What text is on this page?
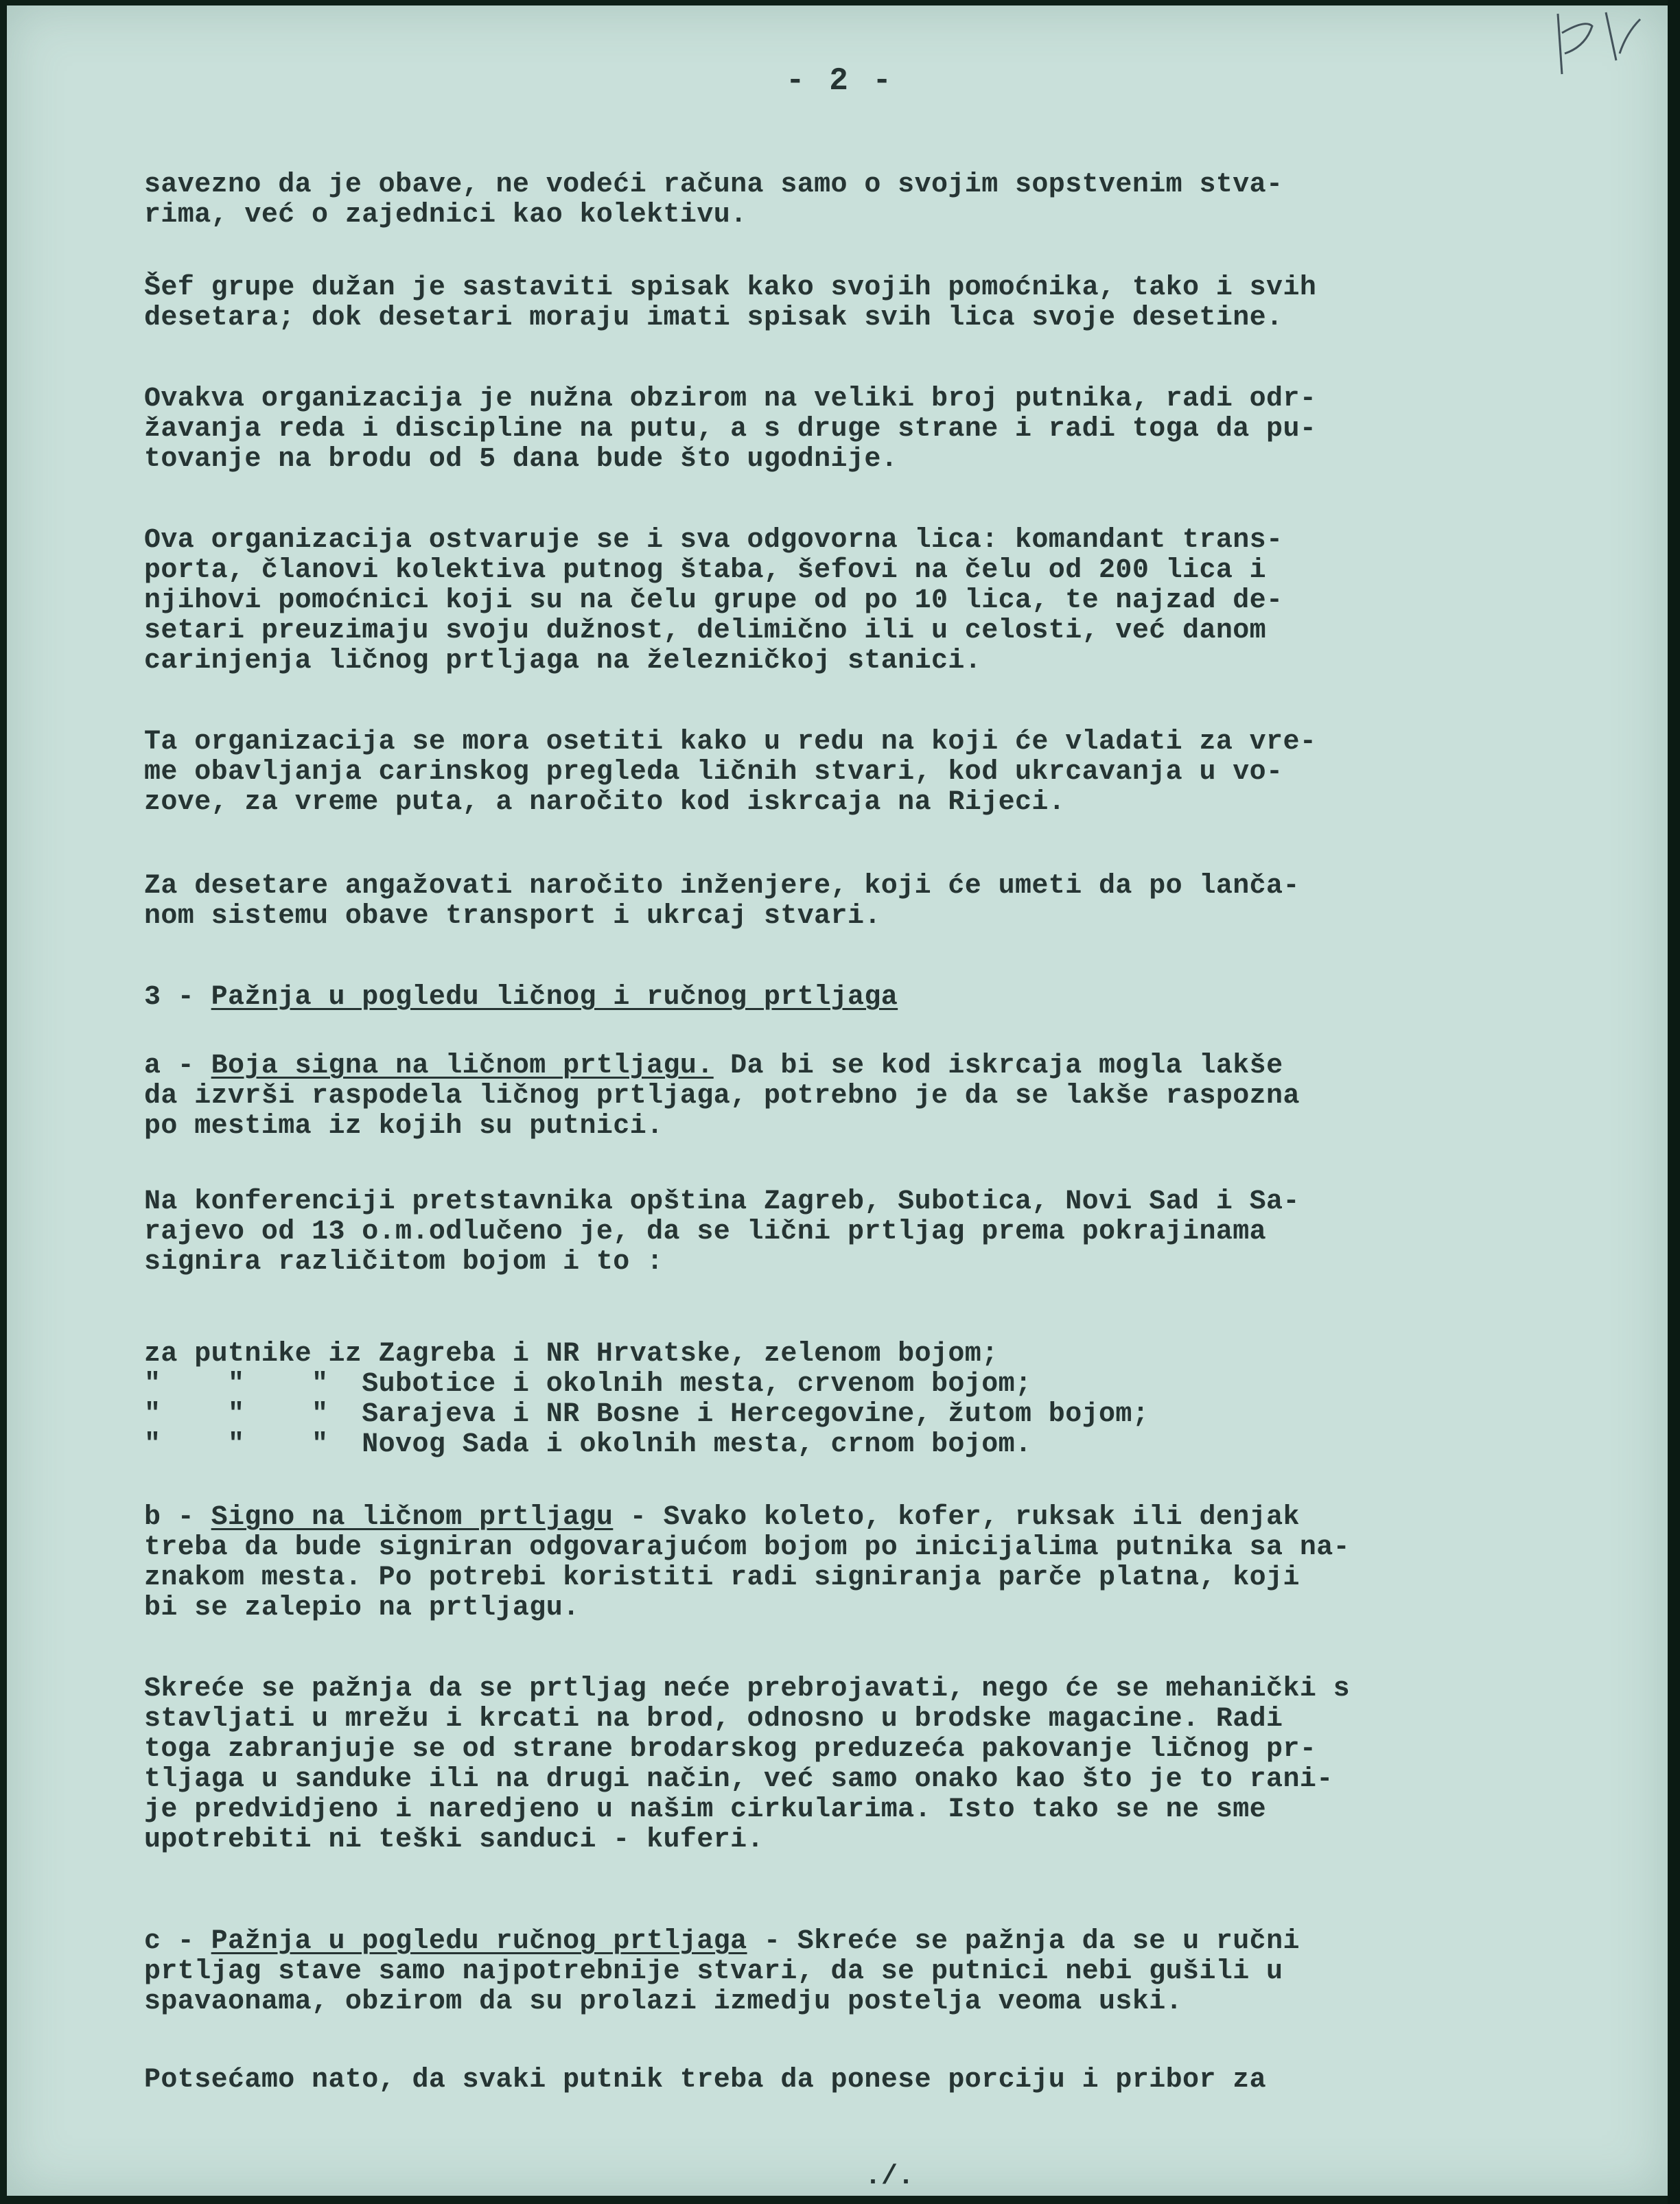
- 2 -
savezno da je obave, ne vodeći računa samo o svojim sopstvenim stva-
rima, već o zajednici kao kolektivu.
Šef grupe dužan je sastaviti spisak kako svojih pomoćnika, tako i svih
desetara; dok desetari moraju imati spisak svih lica svoje desetine.
Ovakva organizacija je nužna obzirom na veliki broj putnika, radi odr-
žavanja reda i discipline na putu, a s druge strane i radi toga da pu-
tovanje na brodu od 5 dana bude što ugodnije.
Ova organizacija ostvaruje se i sva odgovorna lica: komandant trans-
porta, članovi kolektiva putnog štaba, šefovi na čelu od 200 lica i
njihovi pomoćnici koji su na čelu grupe od po 10 lica, te najzad de-
setari preuzimaju svoju dužnost, delimično ili u celosti, već danom
carinjenja ličnog prtljaga na železničkoj stanici.
Ta organizacija se mora osetiti kako u redu na koji će vladati za vre-
me obavljanja carinskog pregleda ličnih stvari, kod ukrcavanja u vo-
zove, za vreme puta, a naročito kod iskrcaja na Rijeci.
Za desetare angažovati naročito inženjere, koji će umeti da po lanča-
nom sistemu obave transport i ukrcaj stvari.
3 - Pažnja u pogledu ličnog i ručnog prtljaga
a - Boja signa na ličnom prtljagu. Da bi se kod iskrcaja mogla lakše
da izvrši raspodela ličnog prtljaga, potrebno je da se lakše raspozna
po mestima iz kojih su putnici.
Na konferenciji pretstavnika opština Zagreb, Subotica, Novi Sad i Sa-
rajevo od 13 o.m.odlučeno je, da se lični prtljag prema pokrajinama
signira različitom bojom i to :
za putnike iz Zagreba i NR Hrvatske, zelenom bojom;
"    "    "  Subotice i okolnih mesta, crvenom bojom;
"    "    "  Sarajeva i NR Bosne i Hercegovine, žutom bojom;
"    "    "  Novog Sada i okolnih mesta, crnom bojom.
b - Signo na ličnom prtljagu - Svako koleto, kofer, ruksak ili denjak
treba da bude signiran odgovarajućom bojom po inicijalima putnika sa na-
znakom mesta. Po potrebi koristiti radi signiranja parče platna, koji
bi se zalepio na prtljagu.
Skreće se pažnja da se prtljag neće prebrojavati, nego će se mehanički s
stavljati u mrežu i krcati na brod, odnosno u brodske magacine. Radi
toga zabranjuje se od strane brodarskog preduzeća pakovanje ličnog pr-
tljaga u sanduke ili na drugi način, već samo onako kao što je to rani-
je predvidjeno i naredjeno u našim cirkularima. Isto tako se ne sme
upotrebiti ni teški sanduci - kuferi.
c - Pažnja u pogledu ručnog prtljaga - Skreće se pažnja da se u ručni
prtljag stave samo najpotrebnije stvari, da se putnici nebi gušili u
spavaonama, obzirom da su prolazi izmedju postelja veoma uski.
Potsećamo nato, da svaki putnik treba da ponese porciju i pribor za
./.
